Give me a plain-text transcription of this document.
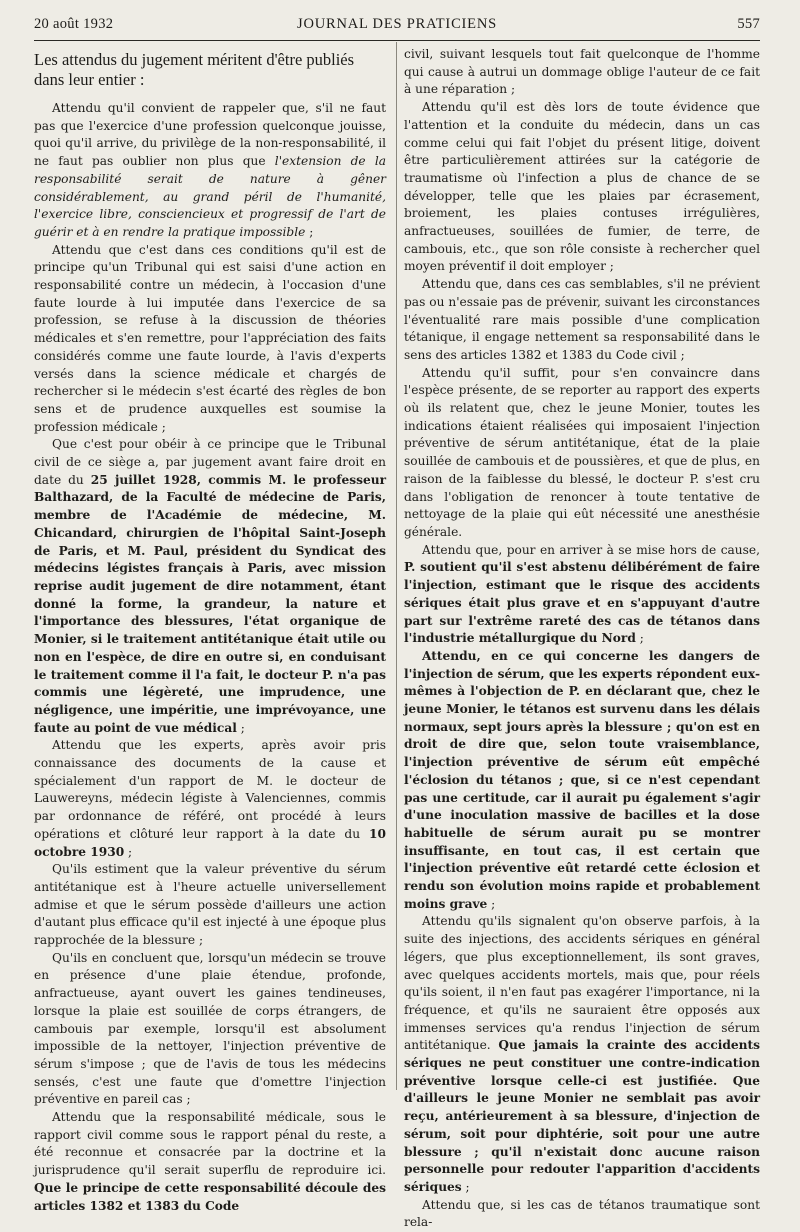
20 août 1932	JOURNAL DES PRATICIENS	557

Les attendus du jugement méritent d'être publiés dans leur entier :

Attendu qu'il convient de rappeler que, s'il ne faut pas que l'exercice d'une profession quelconque jouisse, quoi qu'il arrive, du privilège de la non-responsabilité, il ne faut pas oublier non plus que l'extension de la responsabilité serait de nature à gêner considérablement, au grand péril de l'humanité, l'exercice libre, consciencieux et progressif de l'art de guérir et à en rendre la pratique impossible ;

Attendu que c'est dans ces conditions qu'il est de principe qu'un Tribunal qui est saisi d'une action en responsabilité contre un médecin, à l'occasion d'une faute lourde à lui imputée dans l'exercice de sa profession, se refuse à la discussion de théories médicales et s'en remettre, pour l'appréciation des faits considérés comme une faute lourde, à l'avis d'experts versés dans la science médicale et chargés de rechercher si le médecin s'est écarté des règles de bon sens et de prudence auxquelles est soumise la profession médicale ;

Que c'est pour obéir à ce principe que le Tribunal civil de ce siège a, par jugement avant faire droit en date du 25 juillet 1928, commis M. le professeur Balthazard, de la Faculté de médecine de Paris, membre de l'Académie de médecine, M. Chicandard, chirurgien de l'hôpital Saint-Joseph de Paris, et M. Paul, président du Syndicat des médecins légistes français à Paris, avec mission reprise audit jugement de dire notamment, étant donné la forme, la grandeur, la nature et l'importance des blessures, l'état organique de Monier, si le traitement antitétanique était utile ou non en l'espèce, de dire en outre si, en conduisant le traitement comme il l'a fait, le docteur P. n'a pas commis une légèreté, une imprudence, une négligence, une impéritie, une imprévoyance, une faute au point de vue médical ;

Attendu que les experts, après avoir pris connaissance des documents de la cause et spécialement d'un rapport de M. le docteur de Lauwereyns, médecin légiste à Valenciennes, commis par ordonnance de référé, ont procédé à leurs opérations et clôturé leur rapport à la date du 10 octobre 1930 ;

Qu'ils estiment que la valeur préventive du sérum antitétanique est à l'heure actuelle universellement admise et que le sérum possède d'ailleurs une action d'autant plus efficace qu'il est injecté à une époque plus rapprochée de la blessure ;

Qu'ils en concluent que, lorsqu'un médecin se trouve en présence d'une plaie étendue, profonde, anfractueuse, ayant ouvert les gaines tendineuses, lorsque la plaie est souillée de corps étrangers, de cambouis par exemple, lorsqu'il est absolument impossible de la nettoyer, l'injection préventive de sérum s'impose ; que de l'avis de tous les médecins sensés, c'est une faute que d'omettre l'injection préventive en pareil cas ;

Attendu que la responsabilité médicale, sous le rapport civil comme sous le rapport pénal du reste, a été reconnue et consacrée par la doctrine et la jurisprudence qu'il serait superflu de reproduire ici. Que le principe de cette responsabilité découle des articles 1382 et 1383 du Code

civil, suivant lesquels tout fait quelconque de l'homme qui cause à autrui un dommage oblige l'auteur de ce fait à une réparation ;

Attendu qu'il est dès lors de toute évidence que l'attention et la conduite du médecin, dans un cas comme celui qui fait l'objet du présent litige, doivent être particulièrement attirées sur la catégorie de traumatisme où l'infection a plus de chance de se développer, telle que les plaies par écrasement, broiement, les plaies contuses irrégulières, anfractueuses, souillées de fumier, de terre, de cambouis, etc., que son rôle consiste à rechercher quel moyen préventif il doit employer ;

Attendu que, dans ces cas semblables, s'il ne prévient pas ou n'essaie pas de prévenir, suivant les circonstances l'éventualité rare mais possible d'une complication tétanique, il engage nettement sa responsabilité dans le sens des articles 1382 et 1383 du Code civil ;

Attendu qu'il suffit, pour s'en convaincre dans l'espèce présente, de se reporter au rapport des experts où ils relatent que, chez le jeune Monier, toutes les indications étaient réalisées qui imposaient l'injection préventive de sérum antitétanique, état de la plaie souillée de cambouis et de poussières, et que de plus, en raison de la faiblesse du blessé, le docteur P. s'est cru dans l'obligation de renoncer à toute tentative de nettoyage de la plaie qui eût nécessité une anesthésie générale.

Attendu que, pour en arriver à se mise hors de cause, P. soutient qu'il s'est abstenu délibérément de faire l'injection, estimant que le risque des accidents sériques était plus grave et en s'appuyant d'autre part sur l'extrême rareté des cas de tétanos dans l'industrie métallurgique du Nord ;

Attendu, en ce qui concerne les dangers de l'injection de sérum, que les experts répondent eux-mêmes à l'objection de P. en déclarant que, chez le jeune Monier, le tétanos est survenu dans les délais normaux, sept jours après la blessure ; qu'on est en droit de dire que, selon toute vraisemblance, l'injection préventive de sérum eût empêché l'éclosion du tétanos ; que, si ce n'est cependant pas une certitude, car il aurait pu également s'agir d'une inoculation massive de bacilles et la dose habituelle de sérum aurait pu se montrer insuffisante, en tout cas, il est certain que l'injection préventive eût retardé cette éclosion et rendu son évolution moins rapide et probablement moins grave ;

Attendu qu'ils signalent qu'on observe parfois, à la suite des injections, des accidents sériques en général légers, que plus exceptionnellement, ils sont graves, avec quelques accidents mortels, mais que, pour réels qu'ils soient, il n'en faut pas exagérer l'importance, ni la fréquence, et qu'ils ne sauraient être opposés aux immenses services qu'a rendus l'injection de sérum antitétanique. Que jamais la crainte des accidents sériques ne peut constituer une contre-indication préventive lorsque celle-ci est justifiée. Que d'ailleurs le jeune Monier ne semblait pas avoir reçu, antérieurement à sa blessure, d'injection de sérum, soit pour diphtérie, soit pour une autre blessure ; qu'il n'existait donc aucune raison personnelle pour redouter l'apparition d'accidents sériques ;

Attendu que, si les cas de tétanos traumatique sont rela-
